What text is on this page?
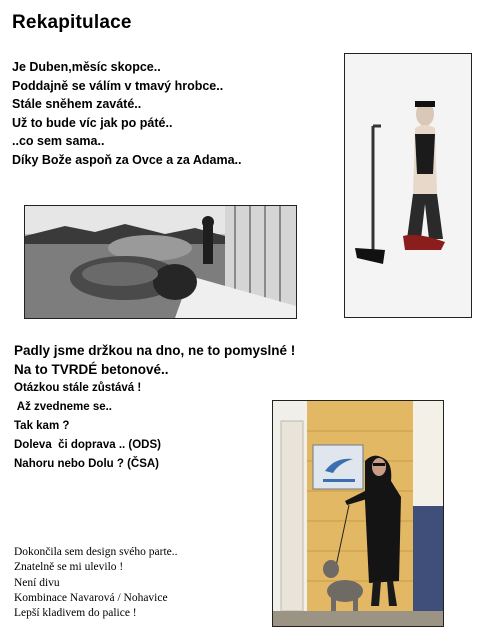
Rekapitulace
Je Duben,měsíc skopce..
Poddajně se válím v tmavý hrobce..
Stále sněhem zaváté..
Už to bude víc jak po páté..
..co sem sama..
Díky Bože aspoň za Ovce a za Adama..
Padly jsme držkou na dno, ne to pomyslné !
Na to TVRDÉ betonové..
Otázkou stále zůstává !
Až zvedneme se..
Tak kam ?
Doleva  či doprava .. (ODS)
Nahoru nebo Dolu ? (ČSA)
Dokončila sem design svého parte..
Znatelně se mi ulevilo !
Není divu
Kombinace Navarová / Nohavice
Lepší kladivem do palice !
